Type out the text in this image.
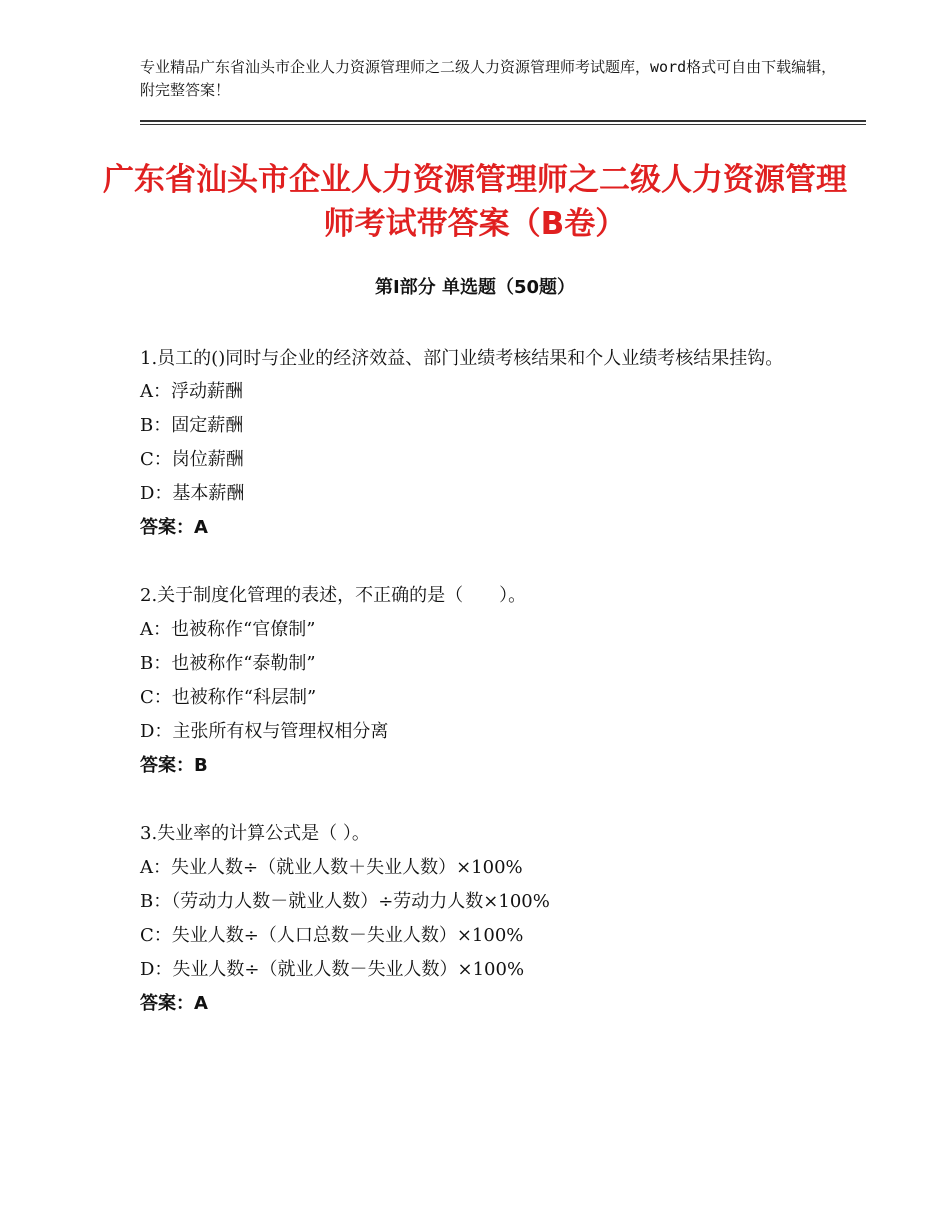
专业精品广东省汕头市企业人力资源管理师之二级人力资源管理师考试题库，word格式可自由下载编辑，附完整答案！
广东省汕头市企业人力资源管理师之二级人力资源管理师考试带答案（B卷）
第Ⅰ部分 单选题（50题）
1.员工的()同时与企业的经济效益、部门业绩考核结果和个人业绩考核结果挂钩。
A：浮动薪酬
B：固定薪酬
C：岗位薪酬
D：基本薪酬
答案：A
2.关于制度化管理的表述，不正确的是（　　）。
A：也被称作“官僚制”
B：也被称作“泰勒制”
C：也被称作“科层制”
D：主张所有权与管理权相分离
答案：B
3.失业率的计算公式是（ ）。
A：失业人数÷（就业人数＋失业人数）×100%
B：（劳动力人数－就业人数）÷劳动力人数×100%
C：失业人数÷（人口总数－失业人数）×100%
D：失业人数÷（就业人数－失业人数）×100%
答案：A
